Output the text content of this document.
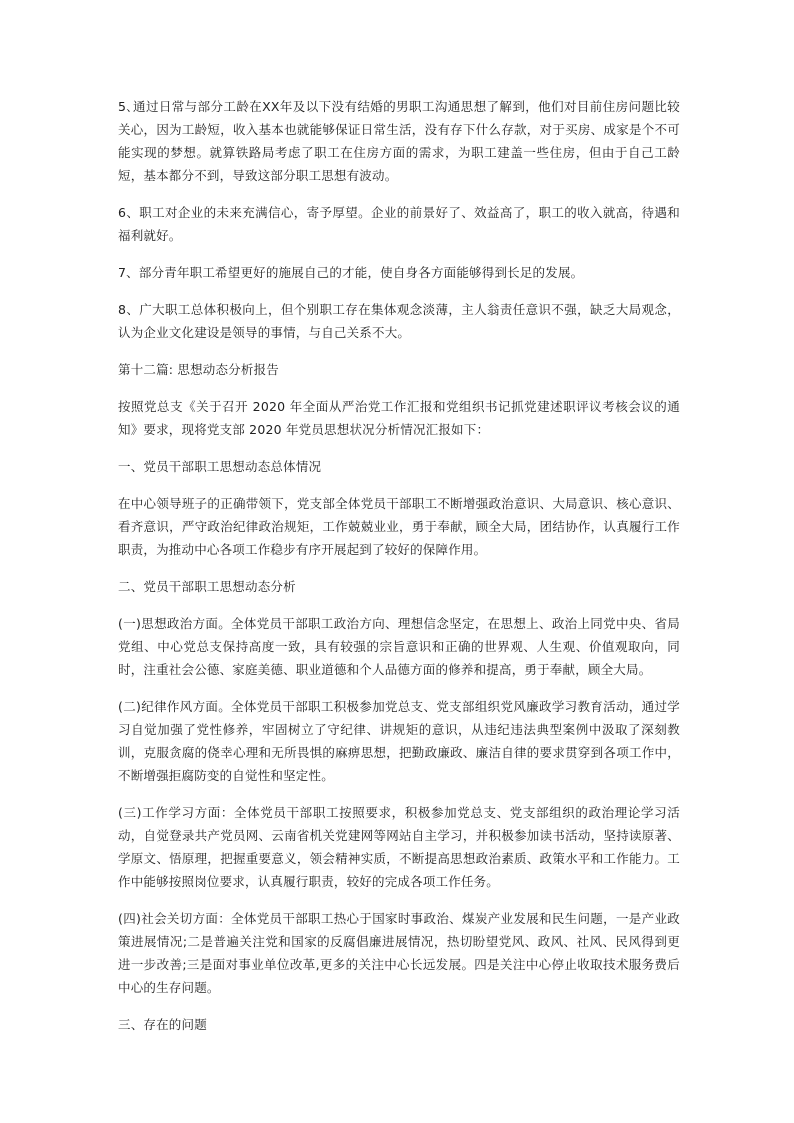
5､通过日常与部分工龄在XX年及以下没有结婚的男职工沟通思想了解到，他们对目前住房问题比较关心，因为工龄短，收入基本也就能够保证日常生活，没有存下什么存款，对于买房、成家是个不可能实现的梦想。就算铁路局考虑了职工在住房方面的需求，为职工建盖一些住房，但由于自己工龄短，基本都分不到，导致这部分职工思想有波动。

6、职工对企业的未来充满信心，寄予厚望。企业的前景好了、效益高了，职工的收入就高，待遇和福利就好。

7、部分青年职工希望更好的施展自己的才能，使自身各方面能够得到长足的发展。

8、广大职工总体积极向上，但个别职工存在集体观念淡薄，主人翁责任意识不强，缺乏大局观念，认为企业文化建设是领导的事情，与自己关系不大。

第十二篇: 思想动态分析报告

按照党总支《关于召开 2020 年全面从严治党工作汇报和党组织书记抓党建述职评议考核会议的通知》要求，现将党支部 2020 年党员思想状况分析情况汇报如下：

一、党员干部职工思想动态总体情况

在中心领导班子的正确带领下，党支部全体党员干部职工不断增强政治意识、大局意识、核心意识、看齐意识，严守政治纪律政治规矩，工作兢兢业业，勇于奉献，顾全大局，团结协作，认真履行工作职责，为推动中心各项工作稳步有序开展起到了较好的保障作用。

二、党员干部职工思想动态分析

(一)思想政治方面。全体党员干部职工政治方向、理想信念坚定，在思想上、政治上同党中央、省局党组、中心党总支保持高度一致，具有较强的宗旨意识和正确的世界观、人生观、价值观取向，同时，注重社会公德、家庭美德、职业道德和个人品德方面的修养和提高，勇于奉献，顾全大局。

(二)纪律作风方面。全体党员干部职工积极参加党总支、党支部组织党风廉政学习教育活动，通过学习自觉加强了党性修养，牢固树立了守纪律、讲规矩的意识，从违纪违法典型案例中汲取了深刻教训，克服贪腐的侥幸心理和无所畏惧的麻痹思想，把勤政廉政、廉洁自律的要求贯穿到各项工作中，不断增强拒腐防变的自觉性和坚定性。

(三)工作学习方面：全体党员干部职工按照要求，积极参加党总支、党支部组织的政治理论学习活动，自觉登录共产党员网、云南省机关党建网等网站自主学习，并积极参加读书活动，坚持读原著、学原文、悟原理，把握重要意义，领会精神实质，不断提高思想政治素质、政策水平和工作能力。工作中能够按照岗位要求，认真履行职责，较好的完成各项工作任务。

(四)社会关切方面：全体党员干部职工热心于国家时事政治、煤炭产业发展和民生问题，一是产业政策进展情况;二是普遍关注党和国家的反腐倡廉进展情况，热切盼望党风、政风、社风、民风得到更进一步改善;三是面对事业单位改革,更多的关注中心长远发展。四是关注中心停止收取技术服务费后中心的生存问题。

三、存在的问题
